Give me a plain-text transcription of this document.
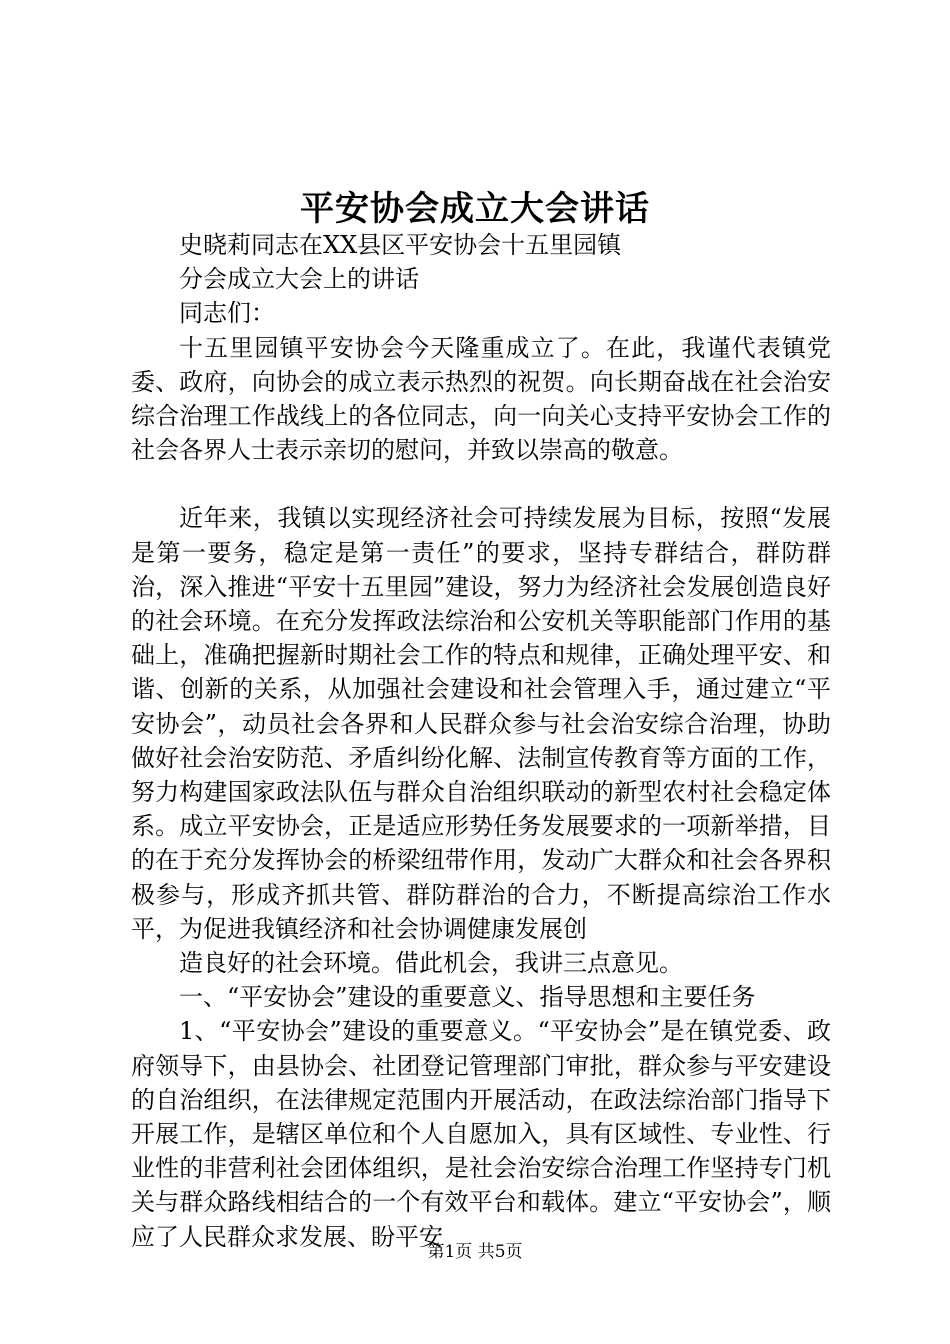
平安协会成立大会讲话

史晓莉同志在XX县区平安协会十五里园镇

分会成立大会上的讲话

同志们：

十五里园镇平安协会今天隆重成立了。在此，我谨代表镇党委、政府，向协会的成立表示热烈的祝贺。向长期奋战在社会治安综合治理工作战线上的各位同志，向一向关心支持平安协会工作的社会各界人士表示亲切的慰问，并致以崇高的敬意。

近年来，我镇以实现经济社会可持续发展为目标，按照“发展是第一要务，稳定是第一责任”的要求，坚持专群结合，群防群治，深入推进“平安十五里园”建设，努力为经济社会发展创造良好的社会环境。在充分发挥政法综治和公安机关等职能部门作用的基础上，准确把握新时期社会工作的特点和规律，正确处理平安、和谐、创新的关系，从加强社会建设和社会管理入手，通过建立“平安协会”，动员社会各界和人民群众参与社会治安综合治理，协助做好社会治安防范、矛盾纠纷化解、法制宣传教育等方面的工作，努力构建国家政法队伍与群众自治组织联动的新型农村社会稳定体系。成立平安协会，正是适应形势任务发展要求的一项新举措，目的在于充分发挥协会的桥梁纽带作用，发动广大群众和社会各界积极参与，形成齐抓共管、群防群治的合力，不断提高综治工作水平，为促进我镇经济和社会协调健康发展创

造良好的社会环境。借此机会，我讲三点意见。

一、“平安协会”建设的重要意义、指导思想和主要任务

1、“平安协会”建设的重要意义。“平安协会”是在镇党委、政府领导下，由县协会、社团登记管理部门审批，群众参与平安建设的自治组织，在法律规定范围内开展活动，在政法综治部门指导下开展工作，是辖区单位和个人自愿加入，具有区域性、专业性、行业性的非营利社会团体组织，是社会治安综合治理工作坚持专门机关与群众路线相结合的一个有效平台和载体。建立“平安协会”，顺应了人民群众求发展、盼平安

第1页 共5页
